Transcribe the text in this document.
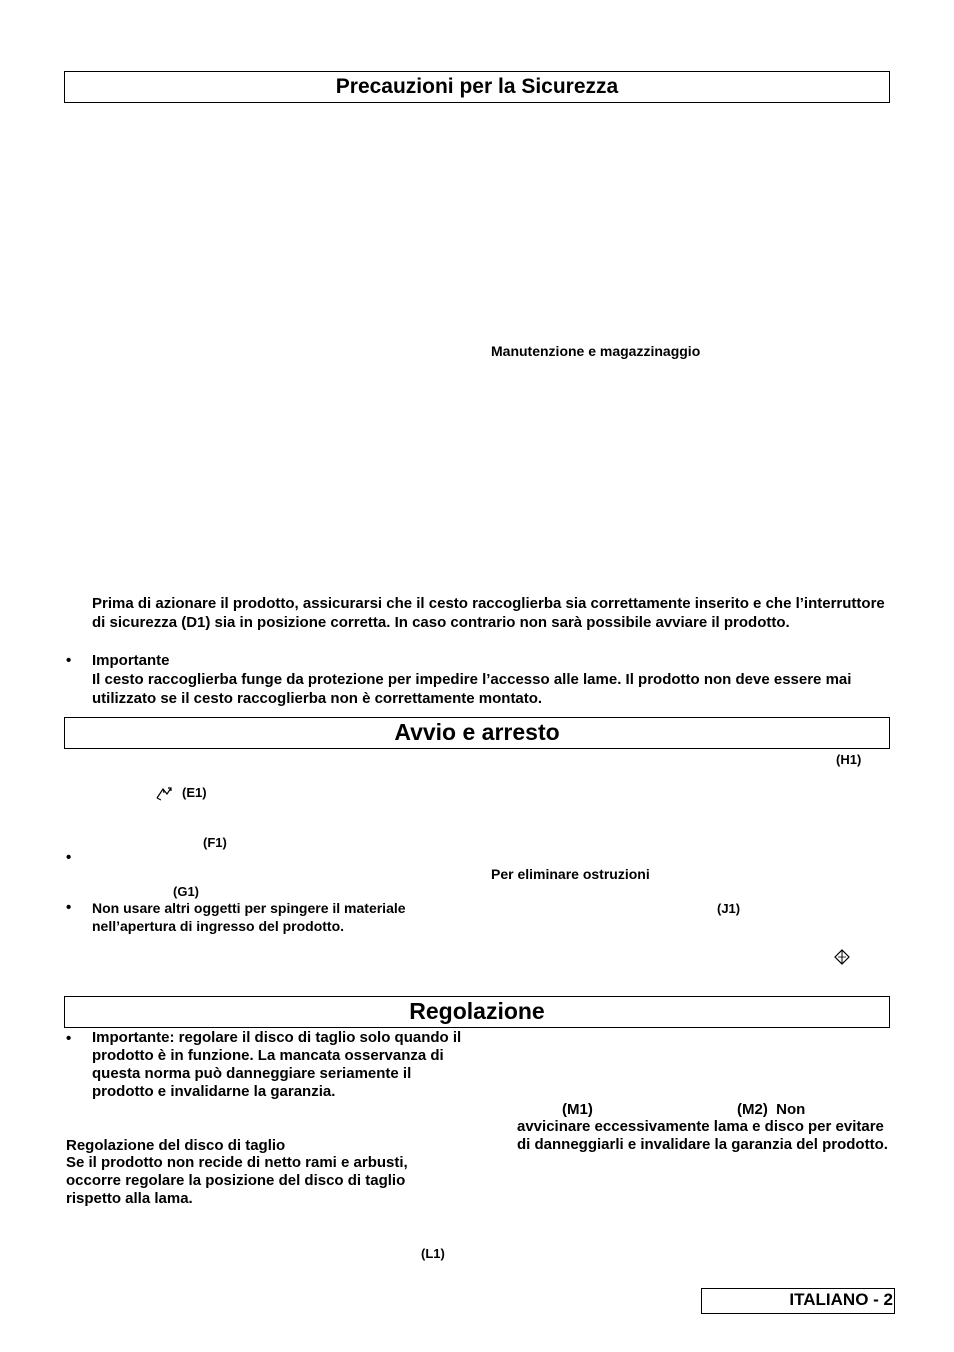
Precauzioni per la Sicurezza
Manutenzione e magazzinaggio
Prima di azionare il prodotto, assicurarsi che il cesto raccoglierba sia correttamente inserito e che l’interruttore di sicurezza (D1) sia in posizione corretta. In caso contrario non sarà possibile avviare il prodotto.
• Importante
Il cesto raccoglierba funge da protezione per impedire l’accesso alle lame. Il prodotto non deve essere mai utilizzato se il cesto raccoglierba non è correttamente montato.
Avvio e arresto
(H1)
(E1)
(F1)
•
Per eliminare ostruzioni
(G1)
• Non usare altri oggetti per spingere il materiale nell’apertura di ingresso del prodotto.
(J1)
Regolazione
• Importante: regolare il disco di taglio solo quando il prodotto è in funzione. La mancata osservanza di questa norma può danneggiare seriamente il prodotto e invalidarne la garanzia.
Regolazione del disco di taglio
Se il prodotto non recide di netto rami e arbusti, occorre regolare la posizione del disco di taglio rispetto alla lama.
(L1)
(M1)	(M2)  Non
avvicinare eccessivamente lama e disco per evitare di danneggiarli e invalidare la garanzia del prodotto.
ITALIANO - 2
